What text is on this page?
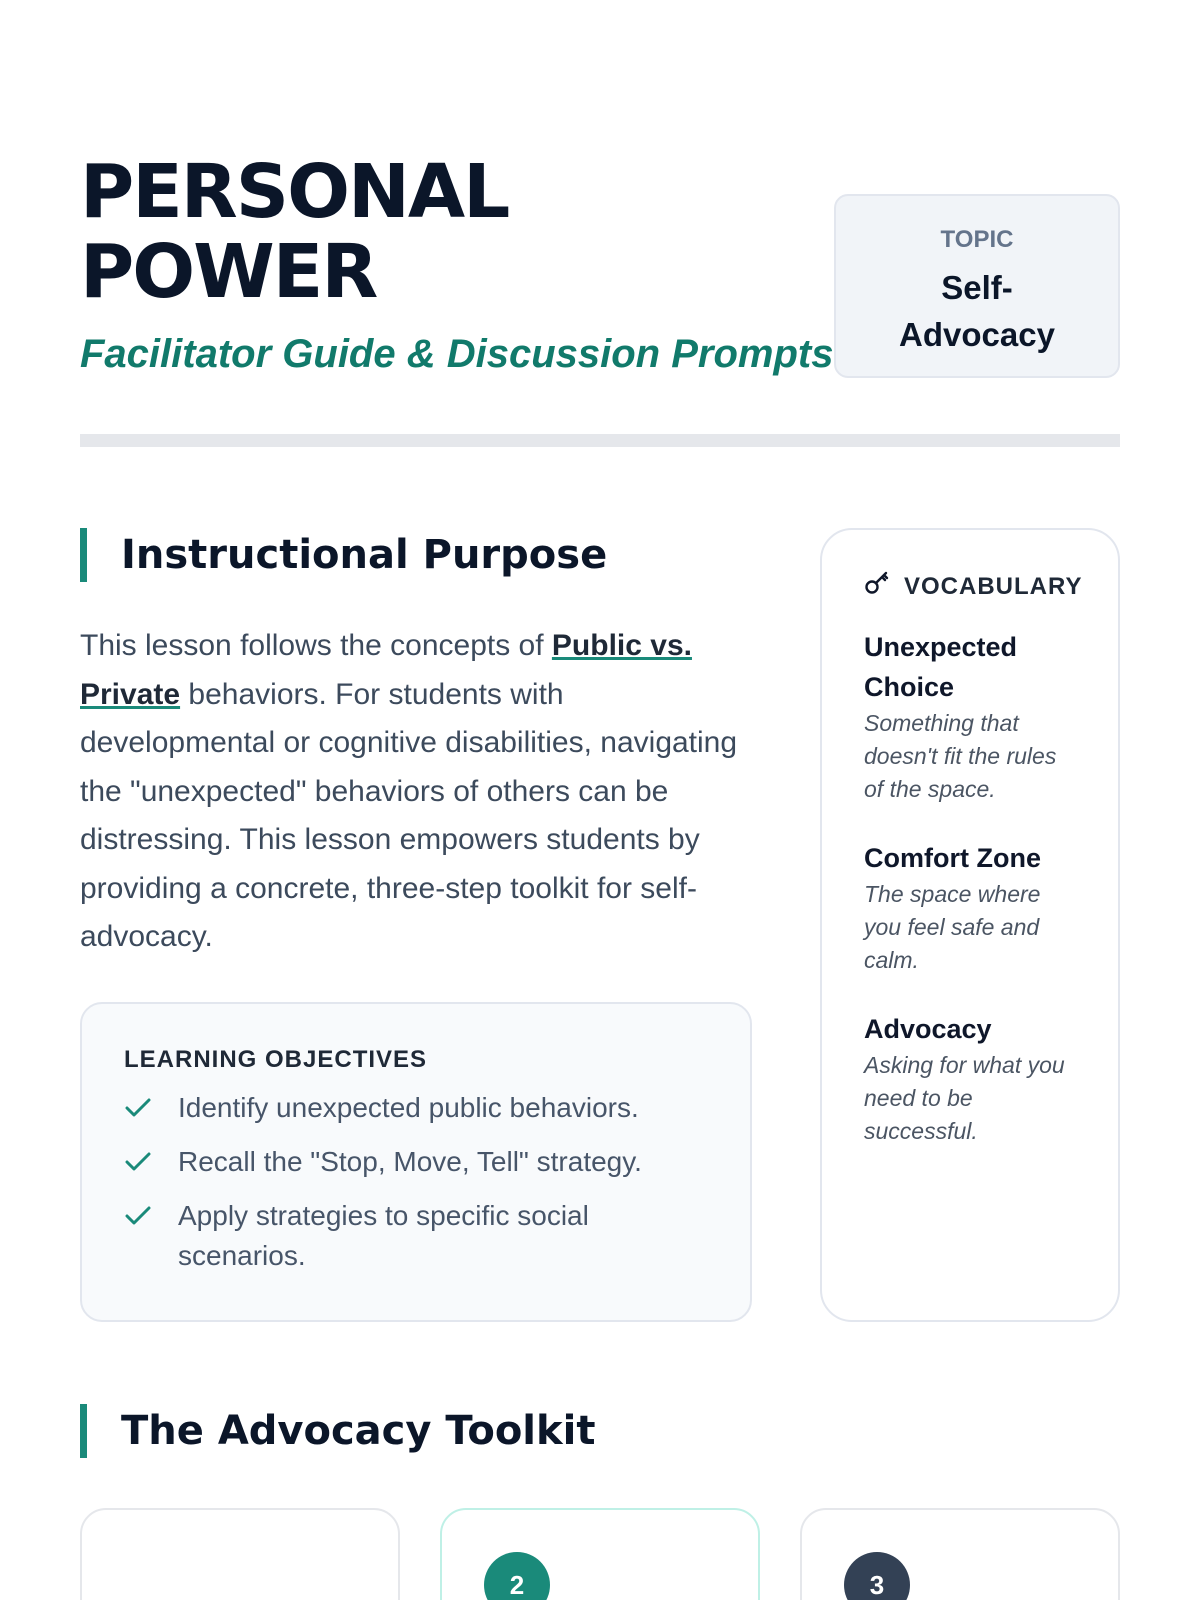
PERSONAL
POWER
Facilitator Guide & Discussion Prompts
TOPIC
Self-Advocacy
Instructional Purpose

This lesson follows the concepts of Public vs. Private behaviors. For students with developmental or cognitive disabilities, navigating the "unexpected" behaviors of others can be distressing. This lesson empowers students by providing a concrete, three-step toolkit for self-advocacy.

LEARNING OBJECTIVES
Identify unexpected public behaviors.
Recall the "Stop, Move, Tell" strategy.
Apply strategies to specific social scenarios.
VOCABULARY
Unexpected Choice
Something that doesn't fit the rules of the space.
Comfort Zone
The space where you feel safe and calm.
Advocacy
Asking for what you need to be successful.
The Advocacy Toolkit
2	3
